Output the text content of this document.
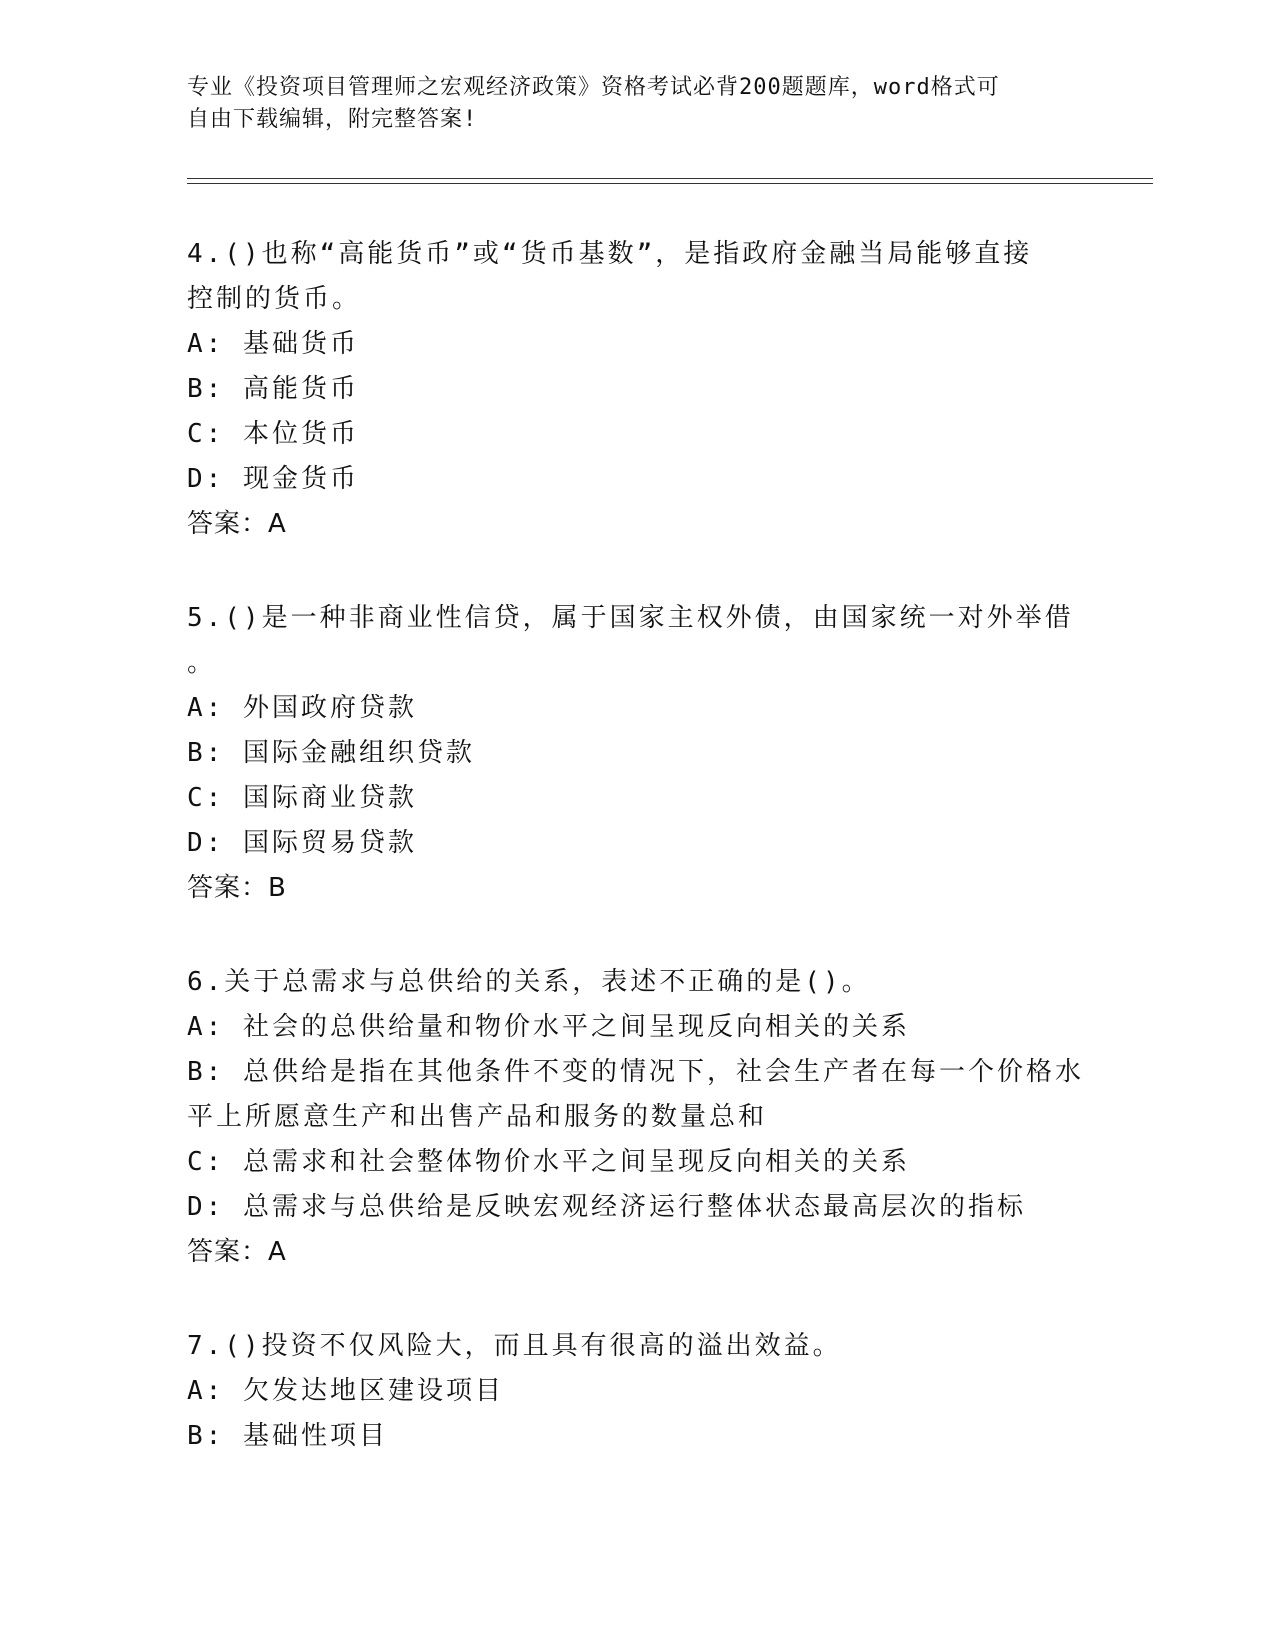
专业《投资项目管理师之宏观经济政策》资格考试必背200题题库，word格式可
自由下载编辑，附完整答案!
4.()也称“高能货币”或“货币基数”，是指政府金融当局能够直接
控制的货币。
A: 基础货币
B: 高能货币
C: 本位货币
D: 现金货币
答案：A
5.()是一种非商业性信贷，属于国家主权外债，由国家统一对外举借
。
A: 外国政府贷款
B: 国际金融组织贷款
C: 国际商业贷款
D: 国际贸易贷款
答案：B
6.关于总需求与总供给的关系，表述不正确的是()。
A: 社会的总供给量和物价水平之间呈现反向相关的关系
B: 总供给是指在其他条件不变的情况下，社会生产者在每一个价格水
平上所愿意生产和出售产品和服务的数量总和
C: 总需求和社会整体物价水平之间呈现反向相关的关系
D: 总需求与总供给是反映宏观经济运行整体状态最高层次的指标
答案：A
7.()投资不仅风险大，而且具有很高的溢出效益。
A: 欠发达地区建设项目
B: 基础性项目
